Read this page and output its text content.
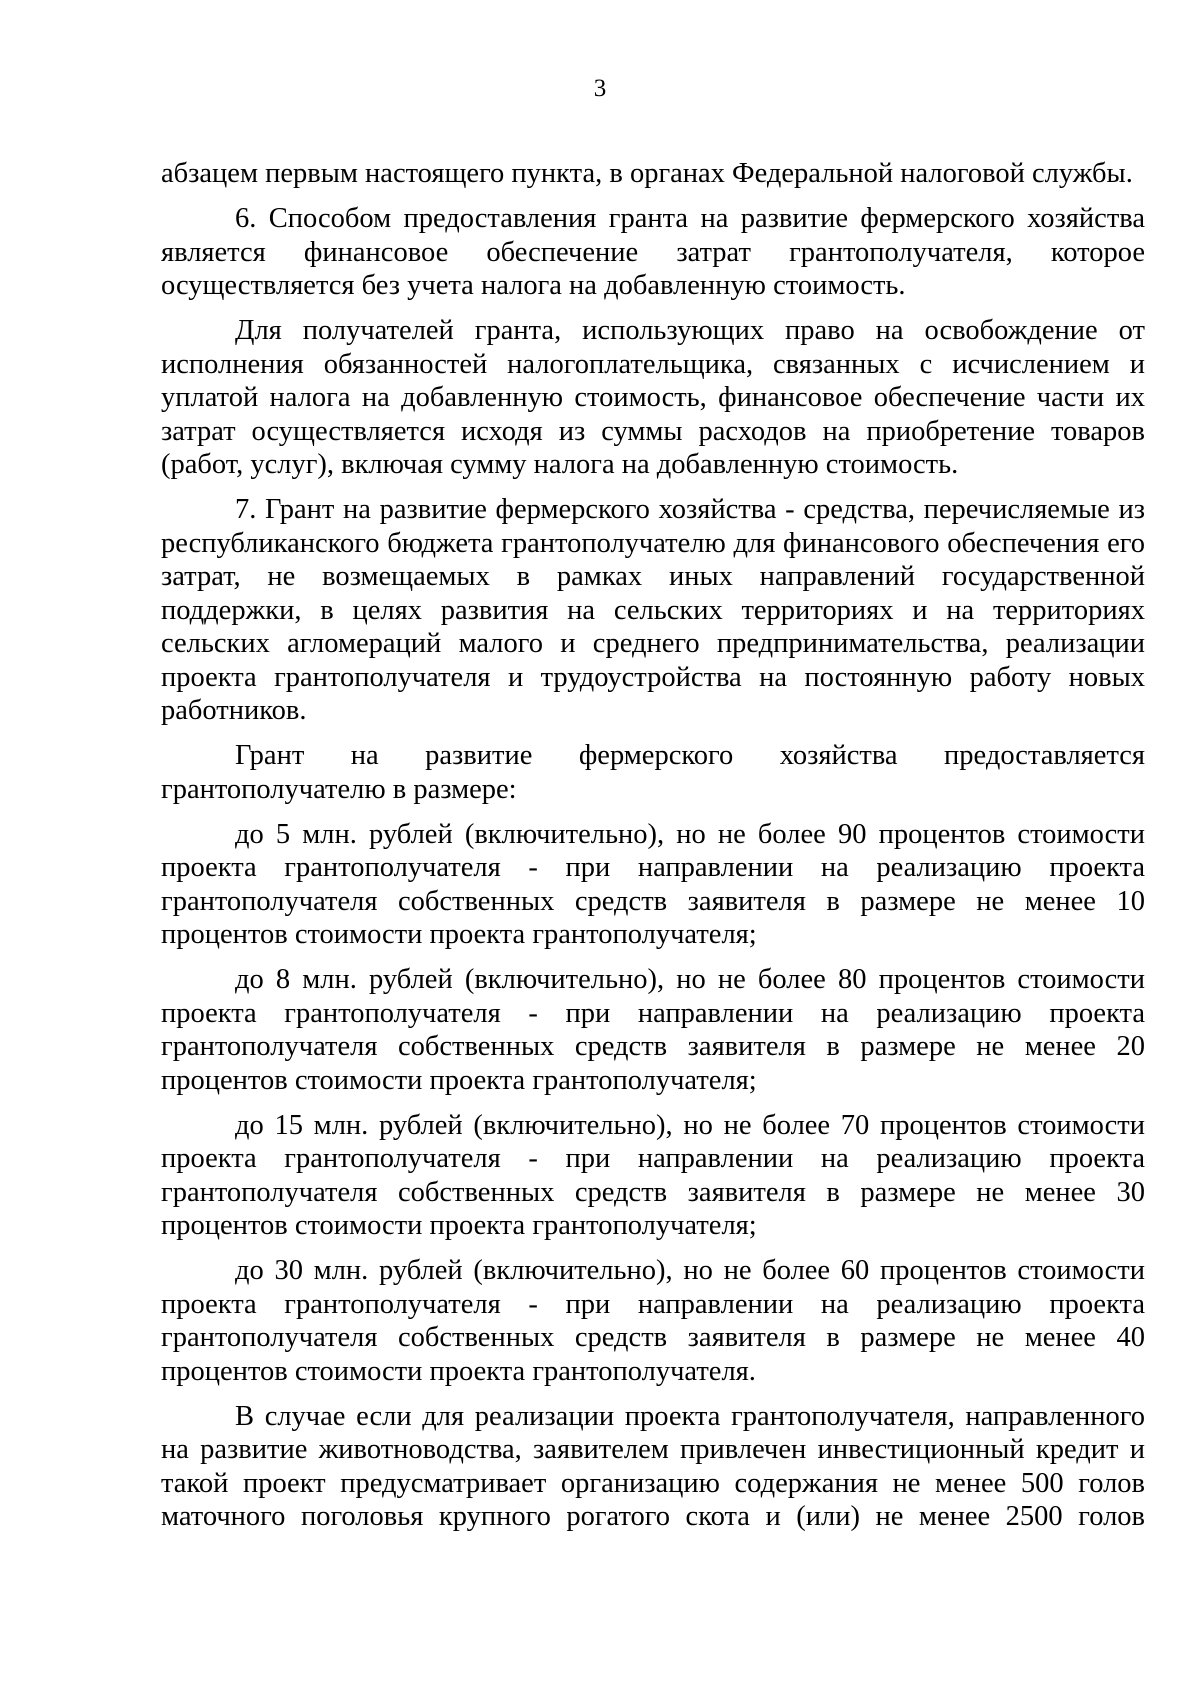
3

абзацем первым настоящего пункта, в органах Федеральной налоговой службы.

6. Способом предоставления гранта на развитие фермерского хозяйства является финансовое обеспечение затрат грантополучателя, которое осуществляется без учета налога на добавленную стоимость.

Для получателей гранта, использующих право на освобождение от исполнения обязанностей налогоплательщика, связанных с исчислением и уплатой налога на добавленную стоимость, финансовое обеспечение части их затрат осуществляется исходя из суммы расходов на приобретение товаров (работ, услуг), включая сумму налога на добавленную стоимость.

7. Грант на развитие фермерского хозяйства - средства, перечисляемые из республиканского бюджета грантополучателю для финансового обеспечения его затрат, не возмещаемых в рамках иных направлений государственной поддержки, в целях развития на сельских территориях и на территориях сельских агломераций малого и среднего предпринимательства, реализации проекта грантополучателя и трудоустройства на постоянную работу новых работников.

Грант на развитие фермерского хозяйства предоставляется грантополучателю в размере:

до 5 млн. рублей (включительно), но не более 90 процентов стоимости проекта грантополучателя - при направлении на реализацию проекта грантополучателя собственных средств заявителя в размере не менее 10 процентов стоимости проекта грантополучателя;

до 8 млн. рублей (включительно), но не более 80 процентов стоимости проекта грантополучателя - при направлении на реализацию проекта грантополучателя собственных средств заявителя в размере не менее 20 процентов стоимости проекта грантополучателя;

до 15 млн. рублей (включительно), но не более 70 процентов стоимости проекта грантополучателя - при направлении на реализацию проекта грантополучателя собственных средств заявителя в размере не менее 30 процентов стоимости проекта грантополучателя;

до 30 млн. рублей (включительно), но не более 60 процентов стоимости проекта грантополучателя - при направлении на реализацию проекта грантополучателя собственных средств заявителя в размере не менее 40 процентов стоимости проекта грантополучателя.

В случае если для реализации проекта грантополучателя, направленного на развитие животноводства, заявителем привлечен инвестиционный кредит и такой проект предусматривает организацию содержания не менее 500 голов маточного поголовья крупного рогатого скота и (или) не менее 2500 голов
